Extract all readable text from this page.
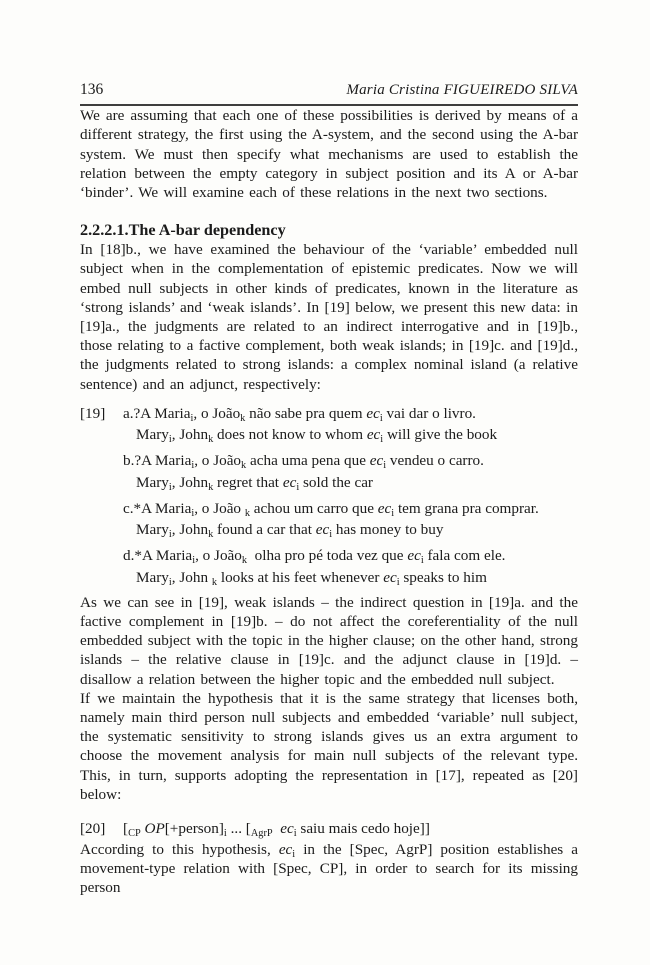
136	Maria Cristina FIGUEIREDO SILVA

We are assuming that each one of these possibilities is derived by means of a different strategy, the first using the A-system, and the second using the A-bar system. We must then specify what mechanisms are used to establish the relation between the empty category in subject position and its A or A-bar ‘binder’. We will examine each of these relations in the next two sections.

2.2.2.1.The A-bar dependency

In [18]b., we have examined the behaviour of the ‘variable’ embedded null subject when in the complementation of epistemic predicates. Now we will embed null subjects in other kinds of predicates, known in the literature as ‘strong islands’ and ‘weak islands’. In [19] below, we present this new data: in [19]a., the judgments are related to an indirect interrogative and in [19]b., those relating to a factive complement, both weak islands; in [19]c. and [19]d., the judgments related to strong islands: a complex nominal island (a relative sentence) and an adjunct, respectively:

[19]	a.?A Maria$_i$, o João$_k$ não sabe pra quem $ec_i$ vai dar o livro.
Mary$_i$, John$_k$ does not know to whom $ec_i$ will give the book
b.?A Maria$_i$, o João$_k$ acha uma pena que $ec_i$ vendeu o carro.
Mary$_i$, John$_k$ regret that $ec_i$ sold the car
c.*A Maria$_i$, o João $_k$ achou um carro que $ec_i$ tem grana pra comprar.
Mary$_i$, John$_k$ found a car that $ec_i$ has money to buy
d.*A Maria$_i$, o João$_k$ olha pro pé toda vez que $ec_i$ fala com ele.
Mary$_i$, John $_k$ looks at his feet whenever $ec_i$ speaks to him

As we can see in [19], weak islands – the indirect question in [19]a. and the factive complement in [19]b. – do not affect the coreferentiality of the null embedded subject with the topic in the higher clause; on the other hand, strong islands – the relative clause in [19]c. and the adjunct clause in [19]d. – disallow a relation between the higher topic and the embedded null subject.

If we maintain the hypothesis that it is the same strategy that licenses both, namely main third person null subjects and embedded ‘variable’ null subject, the systematic sensitivity to strong islands gives us an extra argument to choose the movement analysis for main null subjects of the relevant type. This, in turn, supports adopting the representation in [17], repeated as [20] below:

[20]	[$_{CP}$ $OP[+person]_i$ ... [$_{AgrP}$  $ec_i$ saiu mais cedo hoje]]

According to this hypothesis, $ec_i$ in the [Spec, AgrP] position establishes a movement-type relation with [Spec, CP], in order to search for its missing person
